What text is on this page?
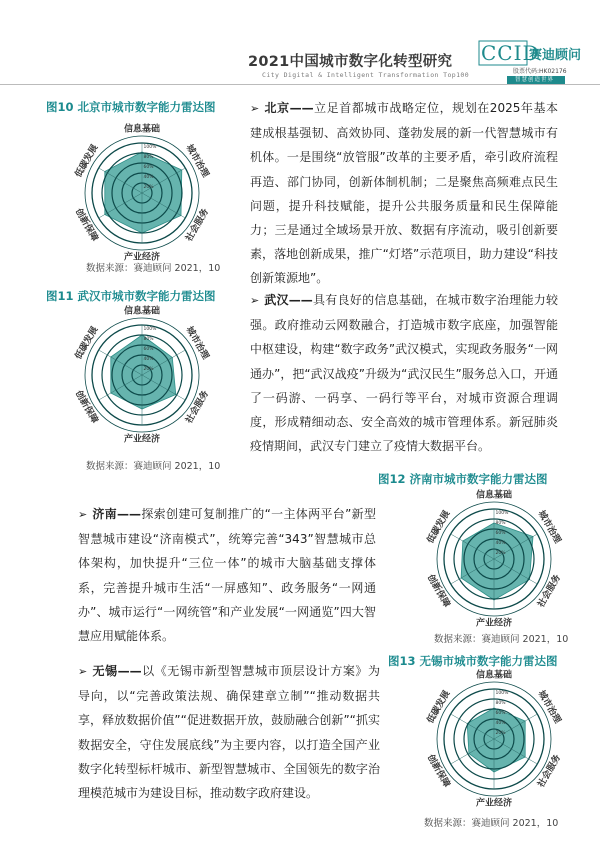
2021中国城市数字化转型研究
City Digital & Intelligent Transformation Top100
CCID
赛迪顾问
股票代码:HK02176
智慧创造世界
图10 北京市城市数字能力雷达图
100%
80%
60%
40%
20%
信息基础
城市治理
社会服务
产业经济
创新保障
低碳发展
数据来源：赛迪顾问 2021，10
图11 武汉市城市数字能力雷达图
100%
80%
60%
40%
20%
信息基础
城市治理
社会服务
产业经济
创新保障
低碳发展
数据来源：赛迪顾问 2021，10
图12 济南市城市数字能力雷达图
100%
80%
60%
40%
20%
信息基础
城市治理
社会服务
产业经济
创新保障
低碳发展
数据来源：赛迪顾问 2021，10
图13 无锡市城市数字能力雷达图
100%
80%
60%
40%
20%
信息基础
城市治理
社会服务
产业经济
创新保障
低碳发展
数据来源：赛迪顾问 2021，10
➢ 北京——立足首都城市战略定位，规划在2025年基本建成根基强韧、高效协同、蓬勃发展的新一代智慧城市有机体。一是围绕“放管服”改革的主要矛盾，牵引政府流程再造、部门协同，创新体制机制；二是聚焦高频难点民生问题，提升科技赋能，提升公共服务质量和民生保障能力；三是通过全域场景开放、数据有序流动，吸引创新要素，落地创新成果，推广“灯塔”示范项目，助力建设“科技创新策源地”。
➢ 武汉——具有良好的信息基础，在城市数字治理能力较强。政府推动云网数融合，打造城市数字底座，加强智能中枢建设，构建“数字政务”武汉模式，实现政务服务“一网通办”，把“武汉战疫”升级为“武汉民生”服务总入口，开通了一码游、一码享、一码行等平台，对城市资源合理调度，形成精细动态、安全高效的城市管理体系。新冠肺炎疫情期间，武汉专门建立了疫情大数据平台。
➢ 济南——探索创建可复制推广的“一主体两平台”新型智慧城市建设“济南模式”，统筹完善“343”智慧城市总体架构，加快提升“三位一体”的城市大脑基础支撑体系，完善提升城市生活“一屏感知”、政务服务“一网通办”、城市运行“一网统管”和产业发展“一网通览”四大智慧应用赋能体系。
➢ 无锡——以《无锡市新型智慧城市顶层设计方案》为导向，以“完善政策法规、确保建章立制”“推动数据共享，释放数据价值”“促进数据开放，鼓励融合创新”“抓实数据安全，守住发展底线”为主要内容，以打造全国产业数字化转型标杆城市、新型智慧城市、全国领先的数字治理模范城市为建设目标，推动数字政府建设。
